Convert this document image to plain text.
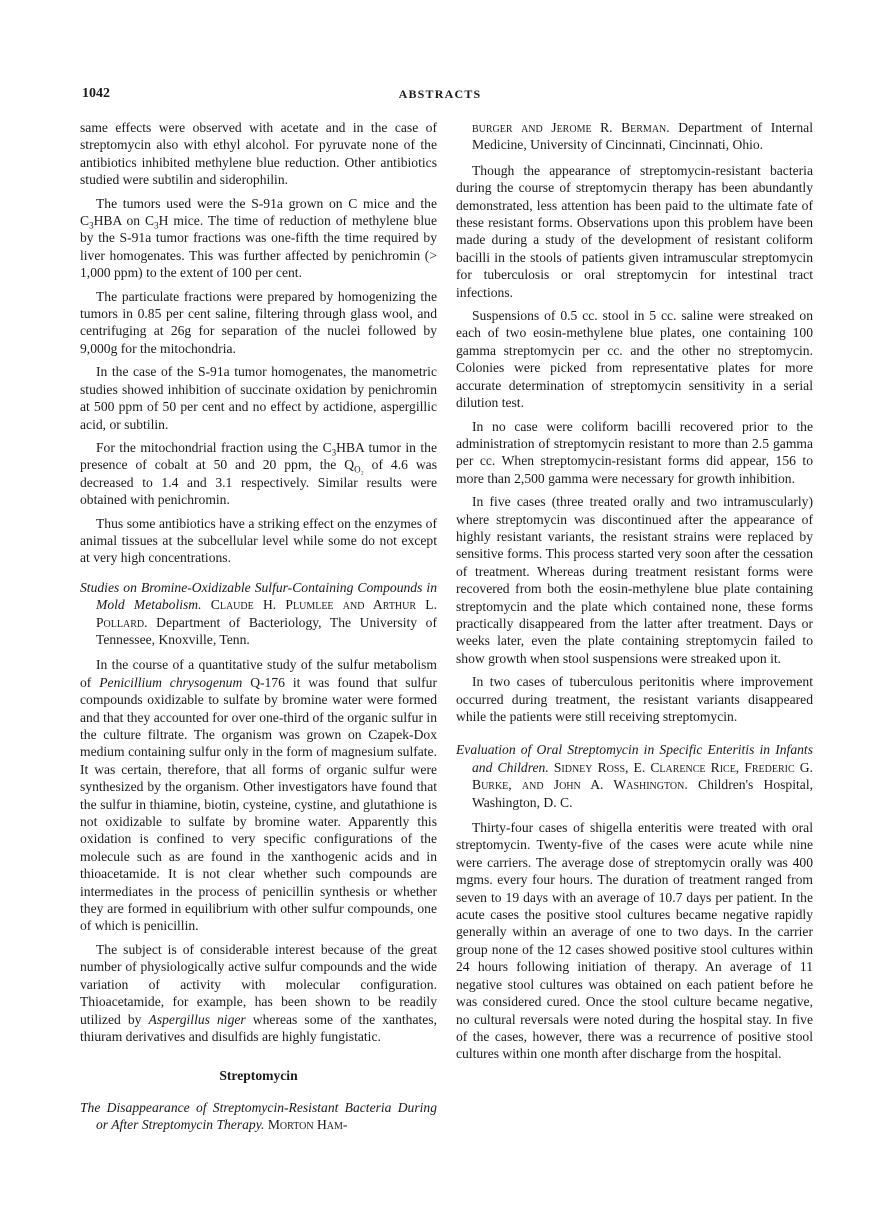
1042	ABSTRACTS

same effects were observed with acetate and in the case of streptomycin also with ethyl alcohol. For pyruvate none of the antibiotics inhibited methylene blue reduction. Other antibiotics studied were subtilin and siderophilin.

The tumors used were the S-91a grown on C mice and the $C_3HBA$ on $C_3H$ mice. The time of reduction of methylene blue by the S-91a tumor fractions was one-fifth the time required by liver homogenates. This was further affected by penichromin (> 1,000 ppm) to the extent of 100 per cent.

The particulate fractions were prepared by homogenizing the tumors in 0.85 per cent saline, filtering through glass wool, and centrifuging at 26g for separation of the nuclei followed by 9,000g for the mitochondria.

In the case of the S-91a tumor homogenates, the manometric studies showed inhibition of succinate oxidation by penichromin at 500 ppm of 50 per cent and no effect by actidione, aspergillic acid, or subtilin.

For the mitochondrial fraction using the $C_3HBA$ tumor in the presence of cobalt at 50 and 20 ppm, the $Q_{O_2}$ of 4.6 was decreased to 1.4 and 3.1 respectively. Similar results were obtained with penichromin.

Thus some antibiotics have a striking effect on the enzymes of animal tissues at the subcellular level while some do not except at very high concentrations.

Studies on Bromine-Oxidizable Sulfur-Containing Compounds in Mold Metabolism. Claude H. Plumlee and Arthur L. Pollard. Department of Bacteriology, The University of Tennessee, Knoxville, Tenn.

In the course of a quantitative study of the sulfur metabolism of Penicillium chrysogenum Q-176 it was found that sulfur compounds oxidizable to sulfate by bromine water were formed and that they accounted for over one-third of the organic sulfur in the culture filtrate. The organism was grown on Czapek-Dox medium containing sulfur only in the form of magnesium sulfate. It was certain, therefore, that all forms of organic sulfur were synthesized by the organism. Other investigators have found that the sulfur in thiamine, biotin, cysteine, cystine, and glutathione is not oxidizable to sulfate by bromine water. Apparently this oxidation is confined to very specific configurations of the molecule such as are found in the xanthogenic acids and in thioacetamide. It is not clear whether such compounds are intermediates in the process of penicillin synthesis or whether they are formed in equilibrium with other sulfur compounds, one of which is penicillin.

The subject is of considerable interest because of the great number of physiologically active sulfur compounds and the wide variation of activity with molecular configuration. Thioacetamide, for example, has been shown to be readily utilized by Aspergillus niger whereas some of the xanthates, thiuram derivatives and disulfids are highly fungistatic.

Streptomycin
The Disappearance of Streptomycin-Resistant Bacteria During or After Streptomycin Therapy. Morton Ham-
burger and Jerome R. Berman. Department of Internal Medicine, University of Cincinnati, Cincinnati, Ohio.

Though the appearance of streptomycin-resistant bacteria during the course of streptomycin therapy has been abundantly demonstrated, less attention has been paid to the ultimate fate of these resistant forms. Observations upon this problem have been made during a study of the development of resistant coliform bacilli in the stools of patients given intramuscular streptomycin for tuberculosis or oral streptomycin for intestinal tract infections.

Suspensions of 0.5 cc. stool in 5 cc. saline were streaked on each of two eosin-methylene blue plates, one containing 100 gamma streptomycin per cc. and the other no streptomycin. Colonies were picked from representative plates for more accurate determination of streptomycin sensitivity in a serial dilution test.

In no case were coliform bacilli recovered prior to the administration of streptomycin resistant to more than 2.5 gamma per cc. When streptomycin-resistant forms did appear, 156 to more than 2,500 gamma were necessary for growth inhibition.

In five cases (three treated orally and two intramuscularly) where streptomycin was discontinued after the appearance of highly resistant variants, the resistant strains were replaced by sensitive forms. This process started very soon after the cessation of treatment. Whereas during treatment resistant forms were recovered from both the eosin-methylene blue plate containing streptomycin and the plate which contained none, these forms practically disappeared from the latter after treatment. Days or weeks later, even the plate containing streptomycin failed to show growth when stool suspensions were streaked upon it.

In two cases of tuberculous peritonitis where improvement occurred during treatment, the resistant variants disappeared while the patients were still receiving streptomycin.

Evaluation of Oral Streptomycin in Specific Enteritis in Infants and Children. Sidney Ross, E. Clarence Rice, Frederic G. Burke, and John A. Washington. Children's Hospital, Washington, D. C.

Thirty-four cases of shigella enteritis were treated with oral streptomycin. Twenty-five of the cases were acute while nine were carriers. The average dose of streptomycin orally was 400 mgms. every four hours. The duration of treatment ranged from seven to 19 days with an average of 10.7 days per patient. In the acute cases the positive stool cultures became negative rapidly generally within an average of one to two days. In the carrier group none of the 12 cases showed positive stool cultures within 24 hours following initiation of therapy. An average of 11 negative stool cultures was obtained on each patient before he was considered cured. Once the stool culture became negative, no cultural reversals were noted during the hospital stay. In five of the cases, however, there was a recurrence of positive stool cultures within one month after discharge from the hospital.
